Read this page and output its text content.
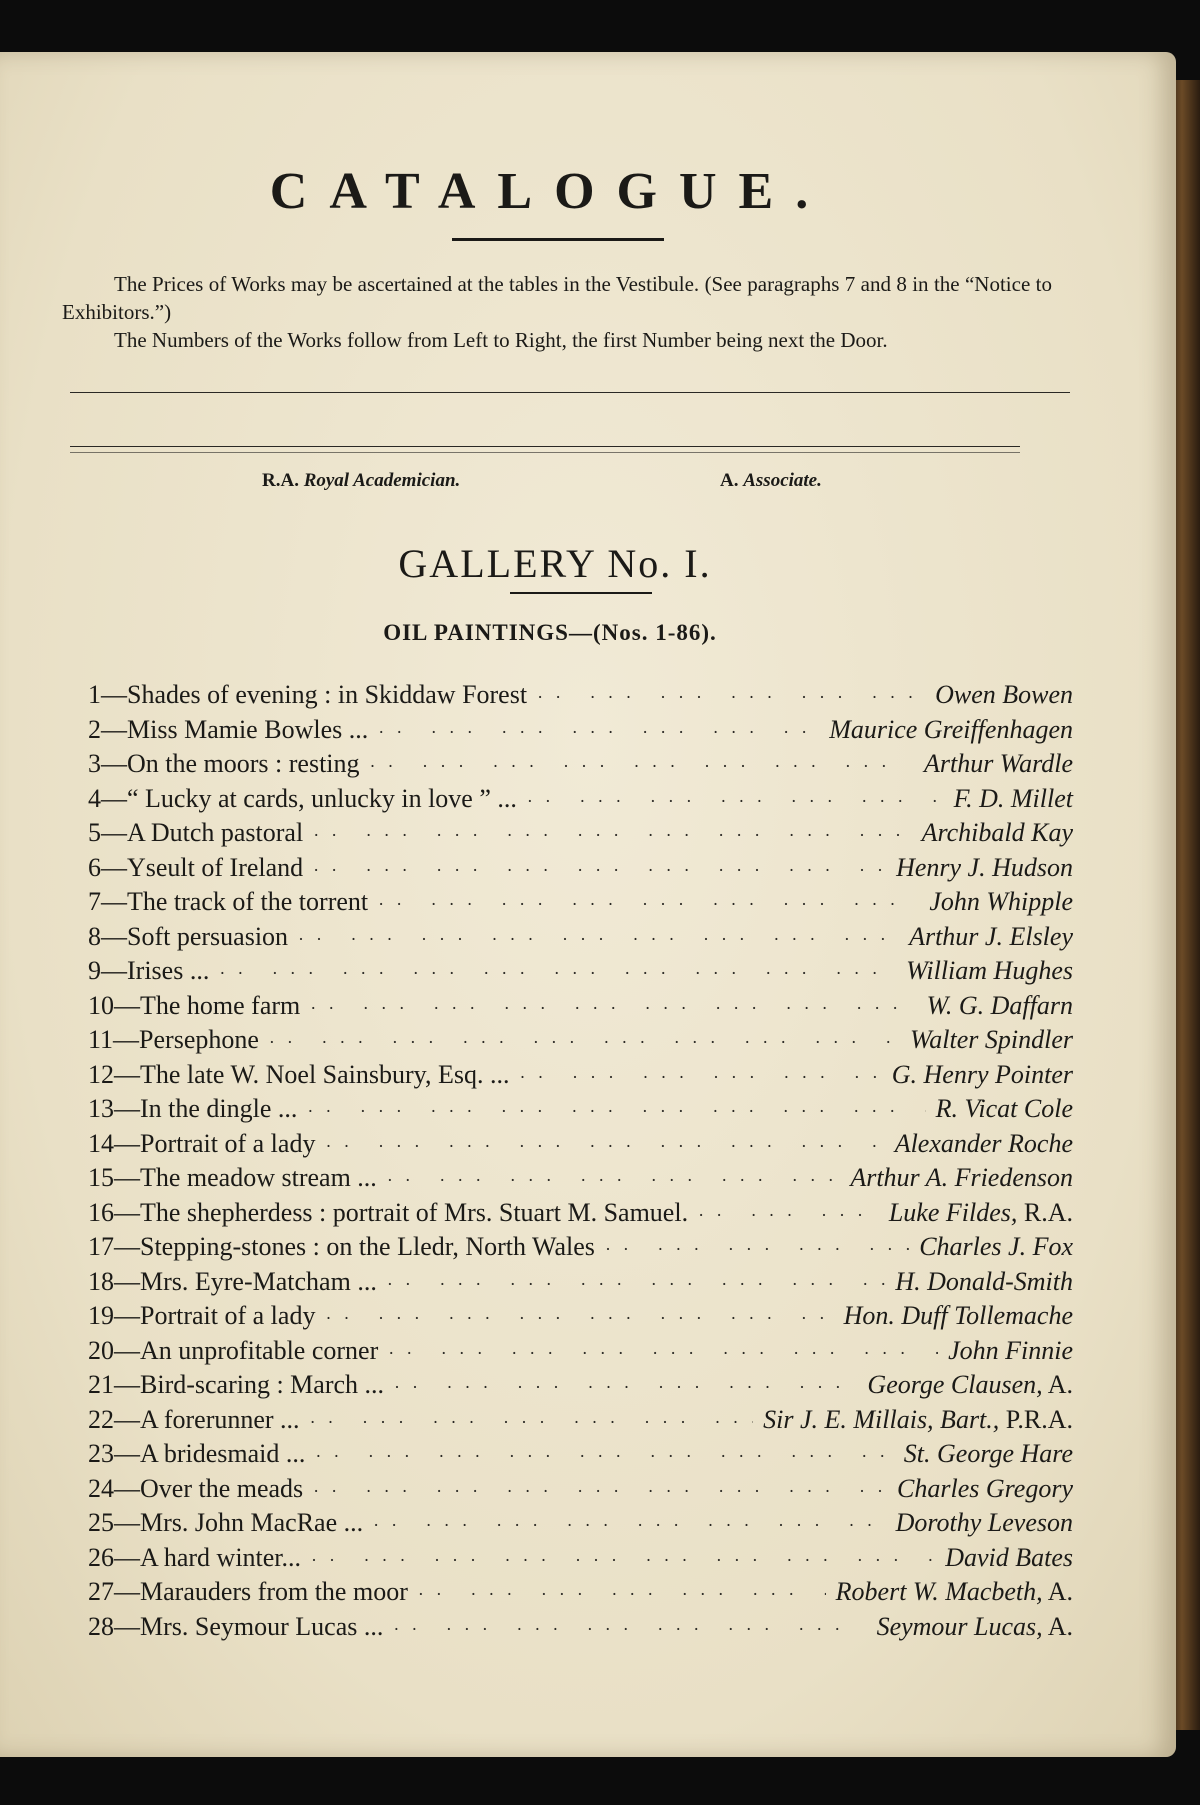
CATALOGUE.

The Prices of Works may be ascertained at the tables in the Vestibule. (See paragraphs 7 and 8 in the “Notice to Exhibitors.”)

The Numbers of the Works follow from Left to Right, the first Number being next the Door.

R.A. Royal Academician.	A. Associate.
GALLERY No. I.
OIL PAINTINGS—(Nos. 1-86).
1—Shades of evening : in Skiddaw Forest ·· ··	Owen Bowen
2—Miss Mamie Bowles ... ·· ··	Maurice Greiffenhagen
3—On the moors : resting ·· ··	Arthur Wardle
4—“ Lucky at cards, unlucky in love ” ... ·· ··	F. D. Millet
5—A Dutch pastoral ·· ··	Archibald Kay
6—Yseult of Ireland ·· ··	Henry J. Hudson
7—The track of the torrent ·· ··	John Whipple
8—Soft persuasion ·· ··	Arthur J. Elsley
9—Irises ... ·· ··	William Hughes
10—The home farm ·· ··	W. G. Daffarn
11—Persephone ·· ··	Walter Spindler
12—The late W. Noel Sainsbury, Esq. ... ·· ··	G. Henry Pointer
13—In the dingle ... ·· ··	R. Vicat Cole
14—Portrait of a lady ·· ··	Alexander Roche
15—The meadow stream ... ·· ··	Arthur A. Friedenson
16—The shepherdess : portrait of Mrs. Stuart M. Samuel. ·· ··	Luke Fildes, R.A.
17—Stepping-stones : on the Lledr, North Wales ·· ··	Charles J. Fox
18—Mrs. Eyre-Matcham ... ·· ··	H. Donald-Smith
19—Portrait of a lady ·· ··	Hon. Duff Tollemache
20—An unprofitable corner ·· ··	John Finnie
21—Bird-scaring : March ... ·· ··	George Clausen, A.
22—A forerunner ... ·· ··	Sir J. E. Millais, Bart., P.R.A.
23—A bridesmaid ... ·· ··	St. George Hare
24—Over the meads ·· ··	Charles Gregory
25—Mrs. John MacRae ... ·· ··	Dorothy Leveson
26—A hard winter... ·· ··	David Bates
27—Marauders from the moor ·· ··	Robert W. Macbeth, A.
28—Mrs. Seymour Lucas ... ·· ··	Seymour Lucas, A.
